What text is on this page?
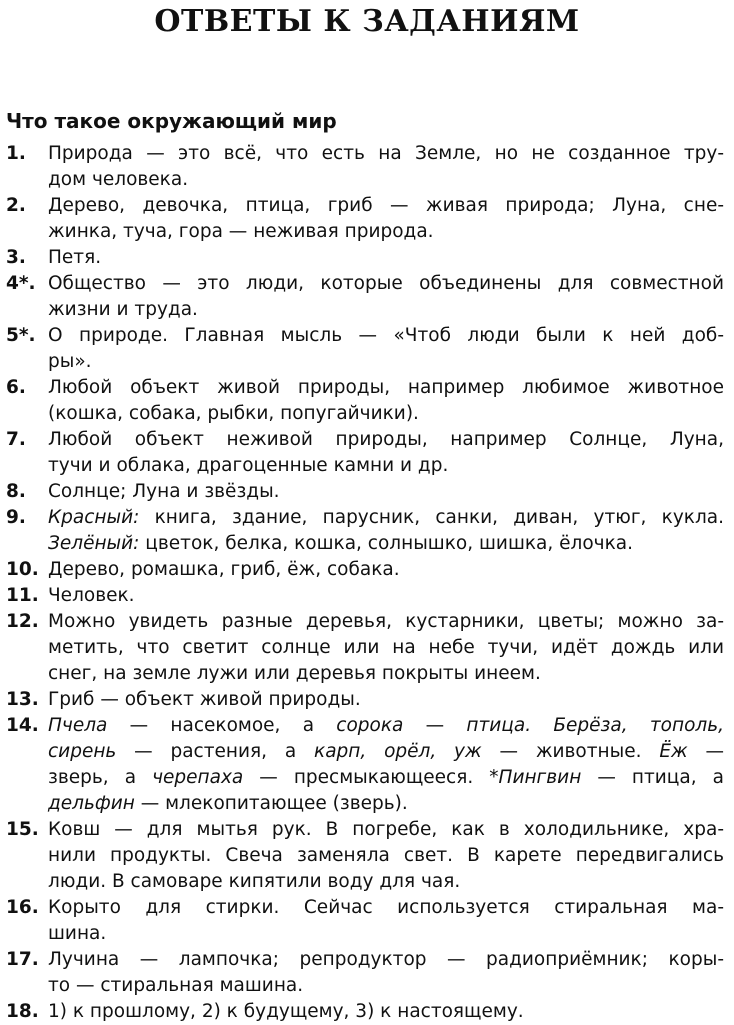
ОТВЕТЫ К ЗАДАНИЯМ
Что такое окружающий мир
1.	Природа — это всё, что есть на Земле, но не созданное тру-
дом человека.
2.	Дерево, девочка, птица, гриб — живая природа; Луна, сне-
жинка, туча, гора — неживая природа.
3.	Петя.
4*. Общество — это люди, которые объединены для совместной
жизни и труда.
5*. О природе. Главная мысль — «Чтоб люди были к ней доб-
ры».
6.	Любой объект живой природы, например любимое животное
(кошка, собака, рыбки, попугайчики).
7.	Любой объект неживой природы, например Солнце, Луна,
тучи и облака, драгоценные камни и др.
8.	Солнце; Луна и звёзды.
9.	Красный: книга, здание, парусник, санки, диван, утюг, кукла.
Зелёный: цветок, белка, кошка, солнышко, шишка, ёлочка.
10. Дерево, ромашка, гриб, ёж, собака.
11. Человек.
12. Можно увидеть разные деревья, кустарники, цветы; можно за-
метить, что светит солнце или на небе тучи, идёт дождь или
снег, на земле лужи или деревья покрыты инеем.
13. Гриб — объект живой природы.
14. Пчела — насекомое, а сорока — птица. Берёза, тополь,
сирень — растения, а карп, орёл, уж — животные. Ёж —
зверь, а черепаха — пресмыкающееся. *Пингвин — птица, а
дельфин — млекопитающее (зверь).
15. Ковш — для мытья рук. В погребе, как в холодильнике, хра-
нили продукты. Свеча заменяла свет. В карете передвигались
люди. В самоваре кипятили воду для чая.
16. Корыто для стирки. Сейчас используется стиральная ма-
шина.
17. Лучина — лампочка; репродуктор — радиоприёмник; коры-
то — стиральная машина.
18. 1) к прошлому, 2) к будущему, 3) к настоящему.
